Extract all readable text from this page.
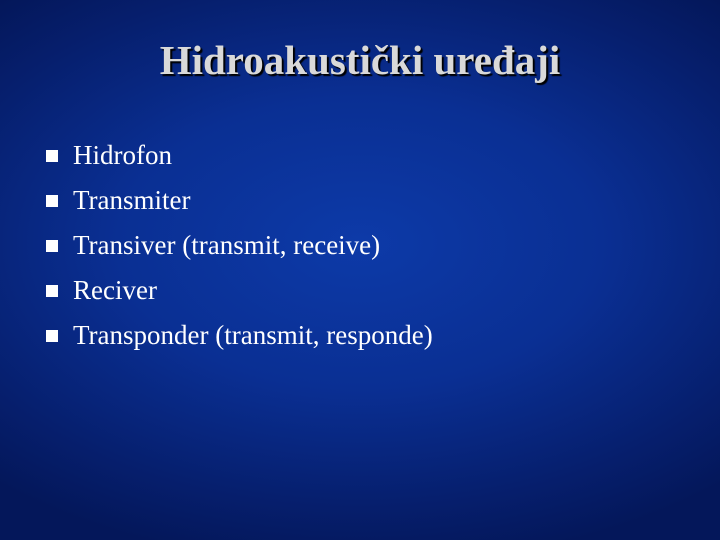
Hidroakustički uređaji
Hidrofon
Transmiter
Transiver (transmit, receive)
Reciver
Transponder (transmit, responde)
